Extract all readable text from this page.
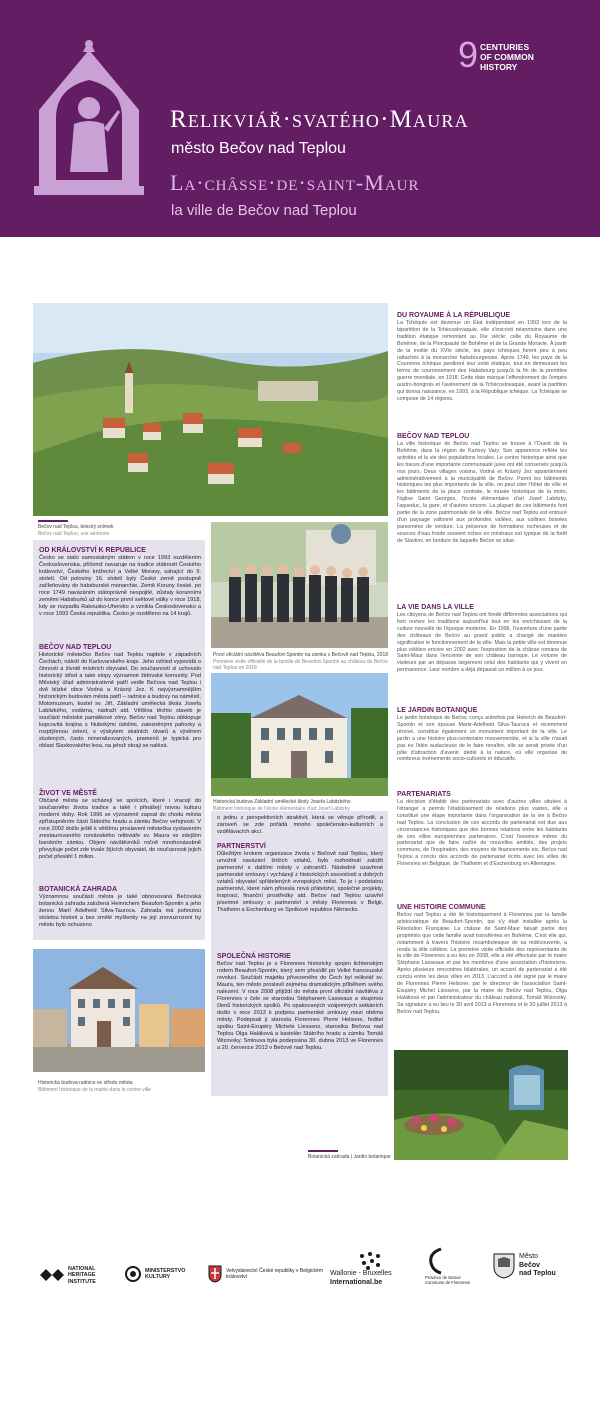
Relikviář·svatého·Maura
město Bečov nad Teplou
La·châsse·de·saint-Maur
la ville de Bečov nad Teplou
9 CENTURIES
OF COMMON
HISTORY
Bečov nad Teplou, letecký snímek
Bečov nad Teplou, vue aérienne
OD KRÁLOVSTVÍ K REPUBLICE
Česko se stalo samostatným státem v roce 1993 rozdělením Československa, přičemž navazuje na tradice státnosti Českého království, Českého knížectví a Velké Moravy, sahající do 9. století. Od poloviny 16. století byly České země postupně začleňovány do habsburské monarchie. Země Koruny české, po roce 1749 navázáním státoprávně nespojité, zůstaly korunními zeměmi Habsburků až do konce první světové války v roce 1918, kdy se rozpadla Rakousko-Uhersko a vznikla Československo a v roce 1993 Česká republika. Česko je rozděleno na 14 krajů.
BEČOV NAD TEPLOU
Historické městečko Bečov nad Teplou najdete v západních Čechách, náleží do Karlovarského kraje. Jeho vzhled vypovídá o činnosti a životě místních obyvatel. Do současnosti si uchovalo historický střed a také stopy významné židovské komunity. Pod Městský úřad administrativně patří vedle Bečova nad Teplou i dvě blízké obce Vodná a Krásný Jez. K nejvýznamnějším historickým budovám města patří – radnice a budovy na náměstí, Motomuzeum, kostel sv. Jiří, Základní umělecká škola Josefa Labitzkého, vodárna, nádraží atd. Většina těchto staveb je součástí městské památkové zóny. Bečov nad Teplou obklopuje kopcovitá krajina s hlubokými údolími, zalesněnými pahorky a rozptýlenou zelení, s výskytem skalních útvarů a vývěrem studených, často mineralizovaných, pramenů je typická pro oblast Slavkovského lesa, na jehož okraji se nalézá.
ŽIVOT VE MĚSTĚ
Občané města se scházejí ve spolcích, které i vracejí do současného života tradice a také i přinášejí novou kulturu moderní doby. Rok 1996 se významně zapsal do chodu města zpřístupněním části Státního hradu a zámku Bečov veřejnosti. V roce 2002 došlo ještě k většímu proslavení městečka vystavením zrestaurovaného románského relikviáře sv. Maura ve zdejším barokním zámku. Objem návštěvníků ročně mnohonásobně převyšuje počet zde trvale žijících obyvatel, do současnosti jejich počet přesáhl 1 milion.
BOTANICKÁ ZAHRADA
Významnou součástí města je také obnovovaná Bečovská botanická zahrada založená Heinrichem Beaufort-Spontin a jeho ženou Marií Adelheid Silva-Tauroca. Zahrada má pohnutou stoletou historii a bez smělé myšlenky na její znovuzrození by město bylo ochuzeno
Historická budova radnice ve středu města
Bâtiment historique de la mairie dans le centre ville
První oficiální návštěva Beaufort-Spontin na zámku v Bečově nad Teplou, 2018
Première visite officielle de la famille de Beaufort-Spontin au château de Bečov nad Teplou en 2018
Historická budova Základní umělecké školy Josefa Labitzkého
Bâtiment historique de l'école élémentaire d'art Josef Labitzky
o jednu z perspektivních atraktivit, která se věnuje přírodě, a zároveň se zde pořádá mnoho společensko-kulturních a vzdělávacích akcí.
PARTNERSTVÍ
Důležitým krokem organizace života v Bečově nad Teplou, který umožnil navázání širších vztahů, bylo rozhodnutí založit partnerství s dalšími městy v zahraničí. Následně uzavřené partnerské smlouvy i vycházejí z historických souvislostí a dobrých vztahů obyvatel spřátelených evropských měst. To je i podstatou partnerství, které nám přinesla nová přátelství, společné projekty, inspiraci, finanční prostředky atd. Bečov nad Teplou uzavřel písemné smlouvy o partnerství s městy Florennes v Belgii, Thalheim a Eschenburg ve Spolkové republice Německo.
SPOLEČNÁ HISTORIE
Bečov nad Teplou je s Florennes historicky spojen lichtenským rodem Beaufort-Spontin, který sem přesídlil po Velké francouzské revoluci. Součástí majetku přivezeného do Čech byl relikviář sv. Maura, ten město proslavil zejména dramatickým příběhem svého nalezení. V roce 2008 přijíždí do města první oficiální návštěva z Florennes v čele se starostou Stéphanem Lasseaux a skupinou členů historických spolků. Po opakovaných vzájemných setkáních došlo v roce 2013 k podpisu partnerské smlouvy mezi oběma městy. Podepsali ji starosta Florennes Pierre Helsone, ředitel spolku Saint-Exupéry Michele Liessens, starostka Bečova nad Teplou Olga Haláková a kastelán Státního hradu a zámku Tomáš Wizovsky. Smlouva byla podepsána 30. dubna 2013 ve Florennes a 20. července 2013 v Bečově nad Teplou.
Botanická zahrada | Jardin botanique
DU ROYAUME À LA RÉPUBLIQUE
La Tchéquie est devenue un État indépendant en 1993 lors de la bipartition de la Tchécoslovaquie, elle s'inscrivit néanmoins dans une tradition étatique remontant au IXe siècle: celle du Royaume de Bohême, de la Principauté de Bohême et de la Grande Moravie. À partir de la moitié du XVIe siècle, les pays tchèques furent peu à peu rattachés à la monarchie habsbourgeoise. Après 1749, les pays de la Couronne tchèque perdirent leur unité étatique, tout en demeurant les terres de couronnement des Habsbourg jusqu'à la fin de la première guerre mondiale, en 1918. Cette date marque l'effondrement de l'empire austro-hongrois et l'avènement de la Tchécoslovaquie, avant la partition qui donna naissance, en 1993, à la République tchèque. La Tchéquie se compose de 14 régions.
BEČOV NAD TEPLOU
La ville historique de Bečov nad Teplou se trouve à l'Ouest de la Bohême, dans la région de Karlovy Vary. Son apparence reflète les activités et la vie des populations locales. Le centre historique ainsi que les traces d'une importante communauté juive ont été conservés jusqu'à nos jours. Deux villages voisins, Vodná et Krásný Jez appartiennent administrativement à la municipalité de Bečov. Parmi les bâtiments historiques les plus importants de la ville, on peut citer l'hôtel de ville et les bâtiments de la place centrale, le musée historique de la moto, l'église Saint Georges, l'école élémentaire d'art Josef Labitzky, l'aqueduc, la gare, et d'autres encore. La plupart de ces bâtiments font partie de la zone patrimoniale de la ville. Bečov nad Teplou est entouré d'un paysage vallonné aux profondes vallées, aux collines boisées parsemées de verdure. La présence de formations rocheuses et de sources d'eau froide souvent riches en minéraux est typique de la forêt de Slavkov, en bordure de laquelle Bečov se situe.
LA VIE DANS LA VILLE
Les citoyens de Bečov nad Teplou ont fondé différentes associations qui font revivre les traditions aujourd'hui tout en les enrichissant de la culture nouvelle de l'époque moderne. En 1996, l'ouverture d'une partie des châteaux de Bečov au grand public a changé de manière significative le fonctionnement de la ville. Mais la petite ville est devenue plus célèbre encore en 2002 avec l'exposition de la châsse romane de Saint-Maur dans l'enceinte de son château baroque. Le volume de visiteurs par an dépasse largement celui des habitants qui y vivent en permanence. Leur nombre a déjà dépassé un million à ce jour.
LE JARDIN BOTANIQUE
Le jardin botanique de Bečov, conçu autrefois par Heinrich de Beaufort-Spontin et son épouse Marie-Adelheid Silva-Tauroca et récemment rénové, constitue également un monument important de la ville. Le jardin a une histoire plus-centenaire mouvementée, et si la ville n'avait pas eu l'idée audacieuse de le faire renaître, elle se serait privée d'un pôle d'attraction d'avenir, dédié à la nature, où elle organise de nombreux événements socio-culturels et éducatifs.
PARTENARIATS
La décision d'établir des partenariats avec d'autres villes situées à l'étranger a permis l'établissement de relations plus vastes, elle a constitué une étape importante dans l'organisation de la vie à Bečov nad Teplou. La conclusion de ces accords de partenariat est due aux circonstances historiques que des bonnes relations entre les habitants de ces villes européennes partenaires. C'est l'essence même du partenariat que de faire naître de nouvelles amitiés, des projets communs, de l'inspiration, des moyens de financements etc. Bečov nad Teplou a conclu des accords de partenariat écrits avec les villes de Florennes en Belgique, de Thalheim et d'Eschenburg en Allemagne.
UNE HISTOIRE COMMUNE
Bečov nad Teplou a été lié historiquement à Florennes par la famille aristocratique de Beaufort-Spontin, qui s'y était installée après la Révolution Française. La châsse de Saint-Maur faisait partie des propriétés que cette famille avait transférées en Bohême. C'est elle qui, notamment à travers l'histoire rocambolesque de sa redécouverte, a rendu la ville célèbre. La première visite officielle des représentants de la ville de Florennes a eu lieu en 2008, elle a été effectuée par le maire Stéphane Lasseaux et par les membres d'une association d'historiens. Après plusieurs rencontres bilatérales, un accord de partenariat a été conclu entre les deux villes en 2013. L'accord a été signé par le maire de Florennes Pierre Helsone, par le directeur de l'association Saint-Exupéry Michel Liessens, par la maire de Bečov nad Teplou, Olga Haláková et par l'administrateur du château national, Tomáš Wizovsky. Sa signature a eu lieu le 30 avril 2013 à Florennes et le 20 juillet 2013 à Bečov nad Teplou.
NATIONAL HERITAGE INSTITUTE
MINISTERSTVO KULTURY
Velvyslanectví České republiky v Belgickém království	Wallonie - Bruxelles
International.be
Province de Namur
Commune de Florennes
Město
Bečov
nad Teplou
